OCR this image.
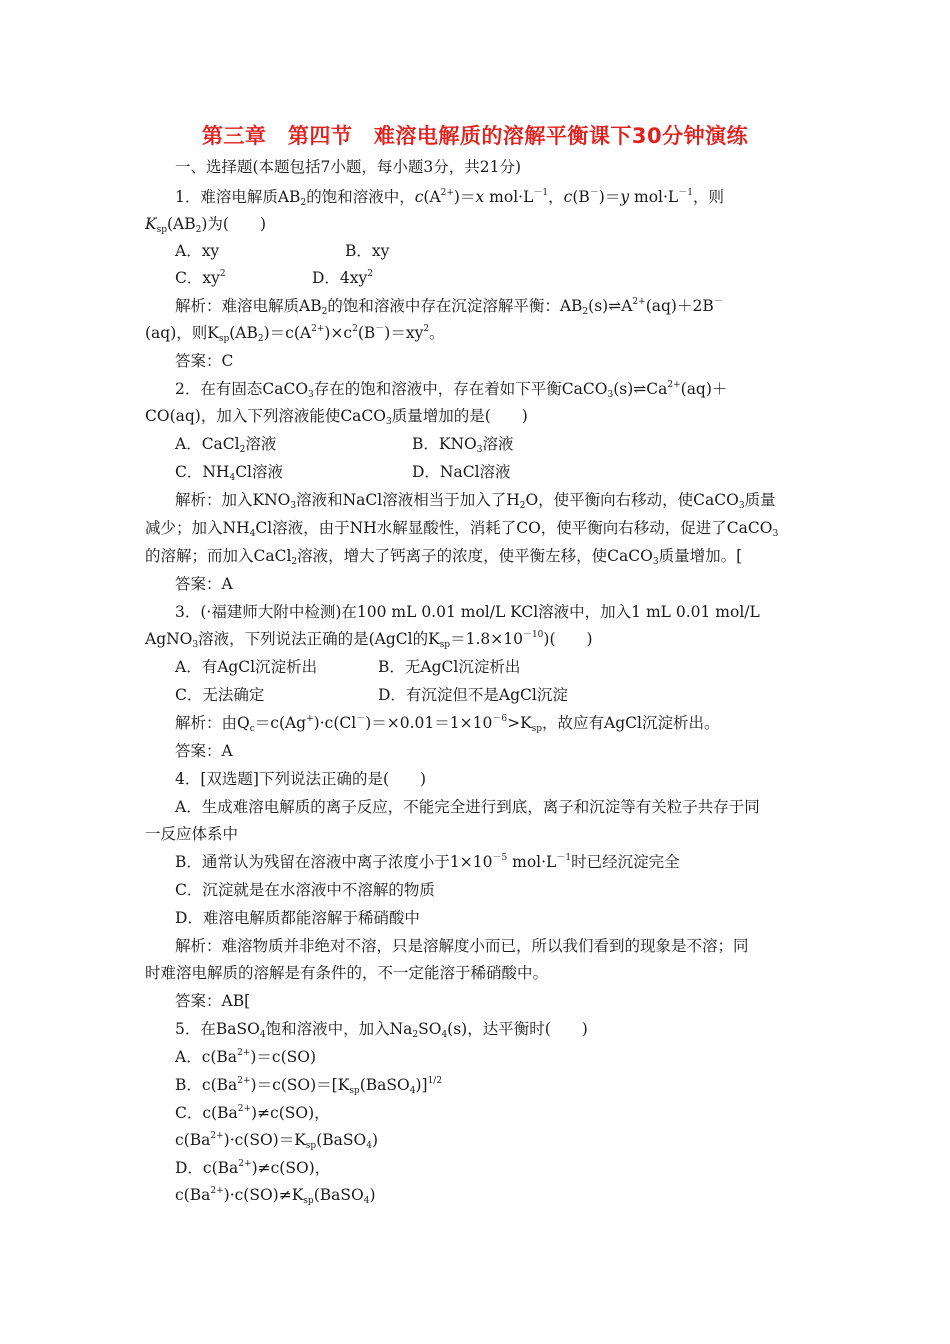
第三章　第四节　难溶电解质的溶解平衡课下30分钟演练
一、选择题(本题包括7小题，每小题3分，共21分)
1．难溶电解质$AB_2$的饱和溶液中，$c(A^{2+})=x$ $mol\cdot L^{-1}$，c(B－)＝y $mol\cdot L^{-1}$，则
$K_{sp}(AB_2)$为(　　)
A．xy	B．xy
C．$xy^2$	D．$4xy^2$
解析：难溶电解质$AB_2$的饱和溶液中存在沉淀溶解平衡：$AB_2(s)\rightleftharpoons A^{2+}(aq)+2B^-$
(aq)，则$K_{sp}(AB_2)=c(A^{2+})\times c^2(B^-)=xy^2$。
答案：C
2．在有固态CaCO$_3$存在的饱和溶液中，存在着如下平衡$CaCO_3(s)\rightleftharpoons Ca^{2+}(aq)+$
CO(aq)，加入下列溶液能使CaCO$_3$质量增加的是(　　)
A．CaCl$_2$溶液	B．$KNO_3$溶液
C．$NH_4Cl$溶液	D．NaCl溶液
解析：加入$KNO_3$溶液和NaCl溶液相当于加入了$H_2O$，使平衡向右移动，使CaCO$_3$质量
减少；加入$NH_4Cl$溶液，由于NH水解显酸性，消耗了CO，使平衡向右移动，促进了CaCO$_3$
的溶解；而加入CaCl$_2$溶液，增大了钙离子的浓度，使平衡左移，使CaCO$_3$质量增加。[
答案：A
3．(·福建师大附中检测)在100 mL 0.01 mol/L KCl溶液中，加入1 mL 0.01 mol/L
AgNO$_3$溶液，下列说法正确的是(AgCl的$K_{sp}=1.8\times 10^{-10}$)(　　)
A．有AgCl沉淀析出	B．无AgCl沉淀析出
C．无法确定	D．有沉淀但不是AgCl沉淀
解析：由$Q_c=c(Ag^+)\cdot c(Cl^-)=\times 0.01=1\times 10^{-6}>K_{sp}$，故应有AgCl沉淀析出。
答案：A
4．[双选题]下列说法正确的是(　　)
A．生成难溶电解质的离子反应，不能完全进行到底，离子和沉淀等有关粒子共存于同
一反应体系中
B．通常认为残留在溶液中离子浓度小于$1\times 10^{-5}$ $mol\cdot L^{-1}$时已经沉淀完全
C．沉淀就是在水溶液中不溶解的物质
D．难溶电解质都能溶解于稀硝酸中
解析：难溶物质并非绝对不溶，只是溶解度小而已，所以我们看到的现象是不溶；同
时难溶电解质的溶解是有条件的，不一定能溶于稀硝酸中。
答案：AB[
5．在BaSO$_4$饱和溶液中，加入$Na_2SO_4(s)$，达平衡时(　　)
A．$c(Ba^{2+})=c(SO)$
B．$c(Ba^{2+})=c(SO)=[K_{sp}(BaSO_4)]^{1/2}$
C．$c(Ba^{2+})\ne c(SO)$，
$c(Ba^{2+})\cdot c(SO)=K_{sp}(BaSO_4)$
D．$c(Ba^{2+})\ne c(SO)$，
$c(Ba^{2+})\cdot c(SO)\ne K_{sp}(BaSO_4)$
